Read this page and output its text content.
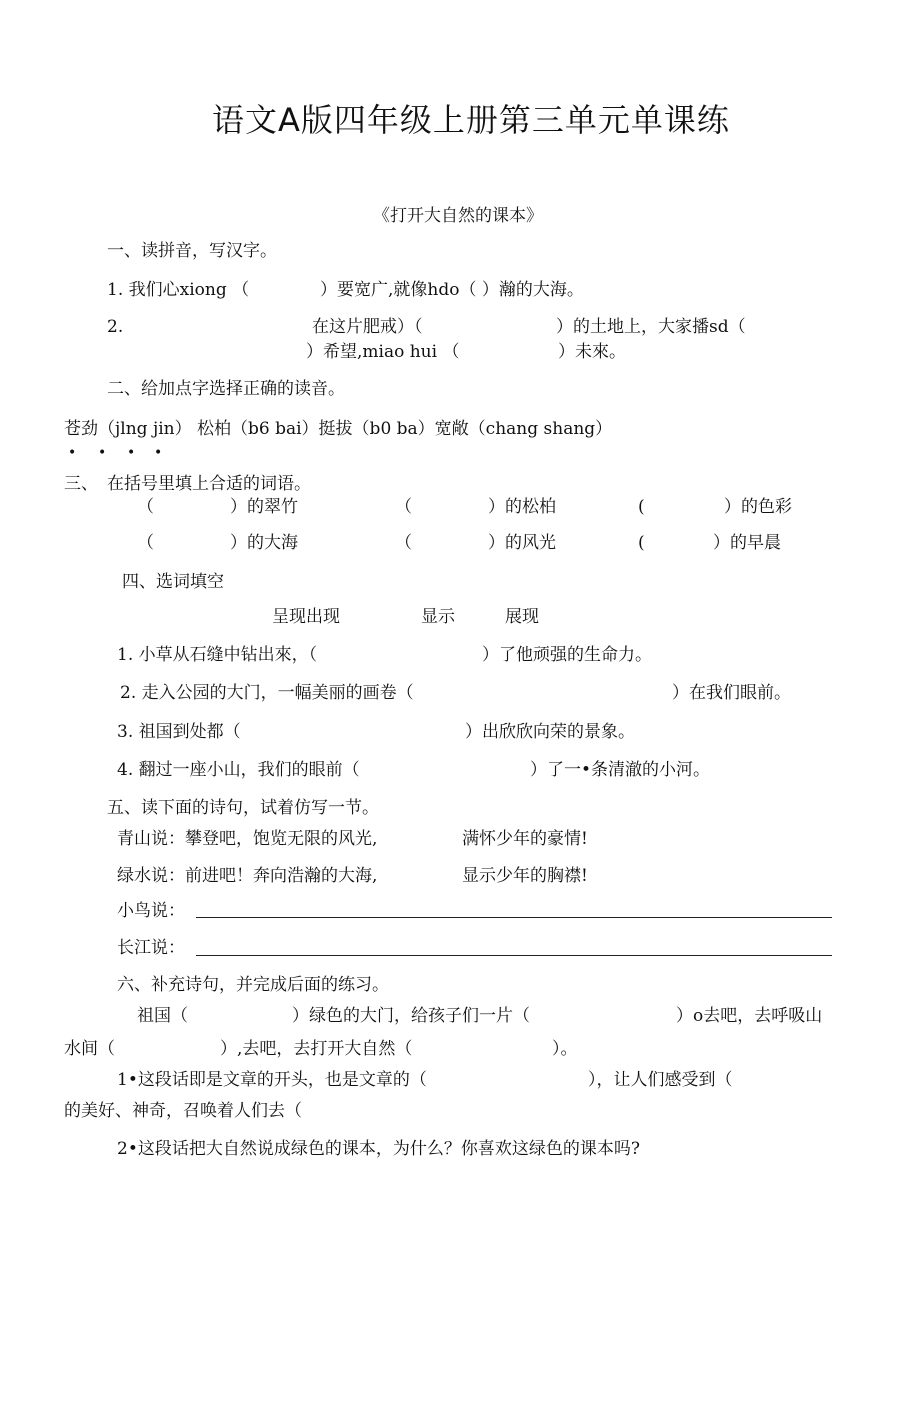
语文A版四年级上册第三单元单课练
《打开大自然的课本》
一、读拼音，写汉字。
1. 我们心xiong （	）要宽广,就像hdo（ ）瀚的大海。
2.	在这片肥戒）（	）的土地上，大家播sd（
）希望,miao hui （	）未來。
二、给加点字选择正确的读音。
苍劲（jlng jin） 松柏（b6 bai）挺拔（b0 ba）宽敞（chang shang）
• • • •
三、 在括号里填上合适的词语。
（	）的翠竹	（	）的松柏	(	）的色彩
（	）的大海	（	）的风光	(	）的早晨
四、选词填空
呈现出现	显示	展现
1. 小草从石缝中钻出來，（	）了他顽强的生命力。
2. 走入公园的大门，一幅美丽的画卷（	）在我们眼前。
3. 祖国到处都（	）出欣欣向荣的景象。
4. 翻过一座小山，我们的眼前（	）了一•条清澈的小河。
五、读下面的诗句，试着仿写一节。
青山说：攀登吧，饱览无限的风光,	满怀少年的豪情!
绿水说：前进吧！奔向浩瀚的大海,	显示少年的胸襟!
小鸟说：
长江说：
六、补充诗句，并完成后面的练习。
祖国（	）绿色的大门，给孩子们一片（	）o去吧，去呼吸山
水间（	）,去吧，去打开大自然（	）。
1•这段话即是文章的开头，也是文章的（	），让人们感受到（
的美好、神奇，召唤着人们去（
2•这段话把大自然说成绿色的课本，为什么？你喜欢这绿色的课本吗?
